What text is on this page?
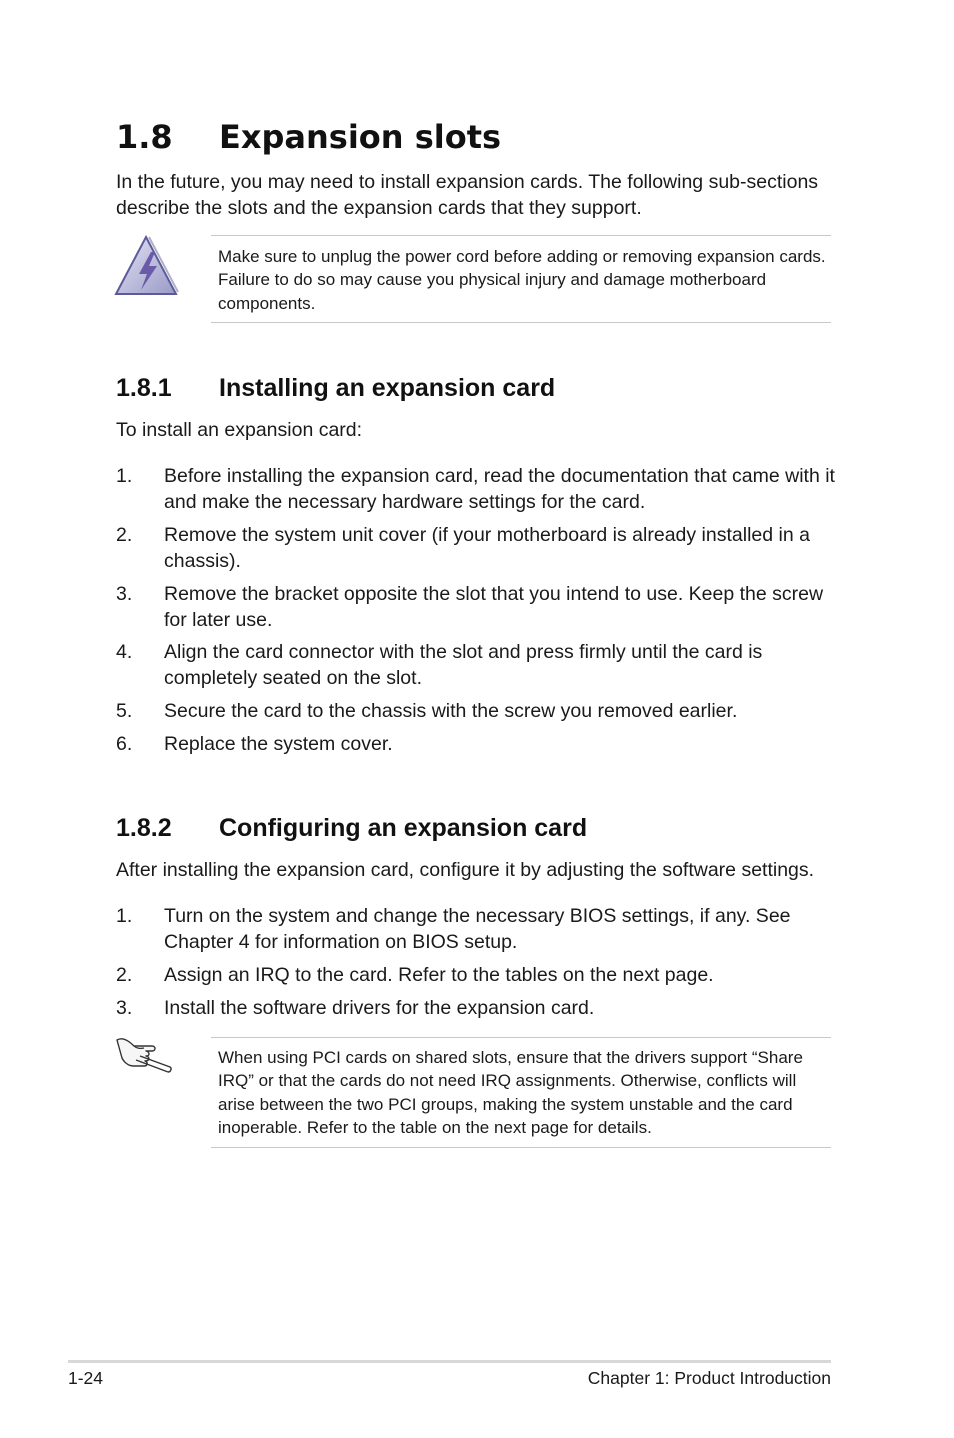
1.8 Expansion slots

In the future, you may need to install expansion cards. The following sub-sections describe the slots and the expansion cards that they support.

Make sure to unplug the power cord before adding or removing expansion cards. Failure to do so may cause you physical injury and damage motherboard components.
1.8.1 Installing an expansion card

To install an expansion card:

1.	Before installing the expansion card, read the documentation that came with it and make the necessary hardware settings for the card.
2.	Remove the system unit cover (if your motherboard is already installed in a chassis).
3.	Remove the bracket opposite the slot that you intend to use. Keep the screw for later use.
4.	Align the card connector with the slot and press firmly until the card is completely seated on the slot.
5.	Secure the card to the chassis with the screw you removed earlier.
6.	Replace the system cover.
1.8.2 Configuring an expansion card

After installing the expansion card, configure it by adjusting the software settings.

1.	Turn on the system and change the necessary BIOS settings, if any. See Chapter 4 for information on BIOS setup.
2.	Assign an IRQ to the card. Refer to the tables on the next page.
3.	Install the software drivers for the expansion card.
When using PCI cards on shared slots, ensure that the drivers support “Share IRQ” or that the cards do not need IRQ assignments. Otherwise, conflicts will arise between the two PCI groups, making the system unstable and the card inoperable. Refer to the table on the next page for details.
1-24	Chapter 1: Product Introduction
